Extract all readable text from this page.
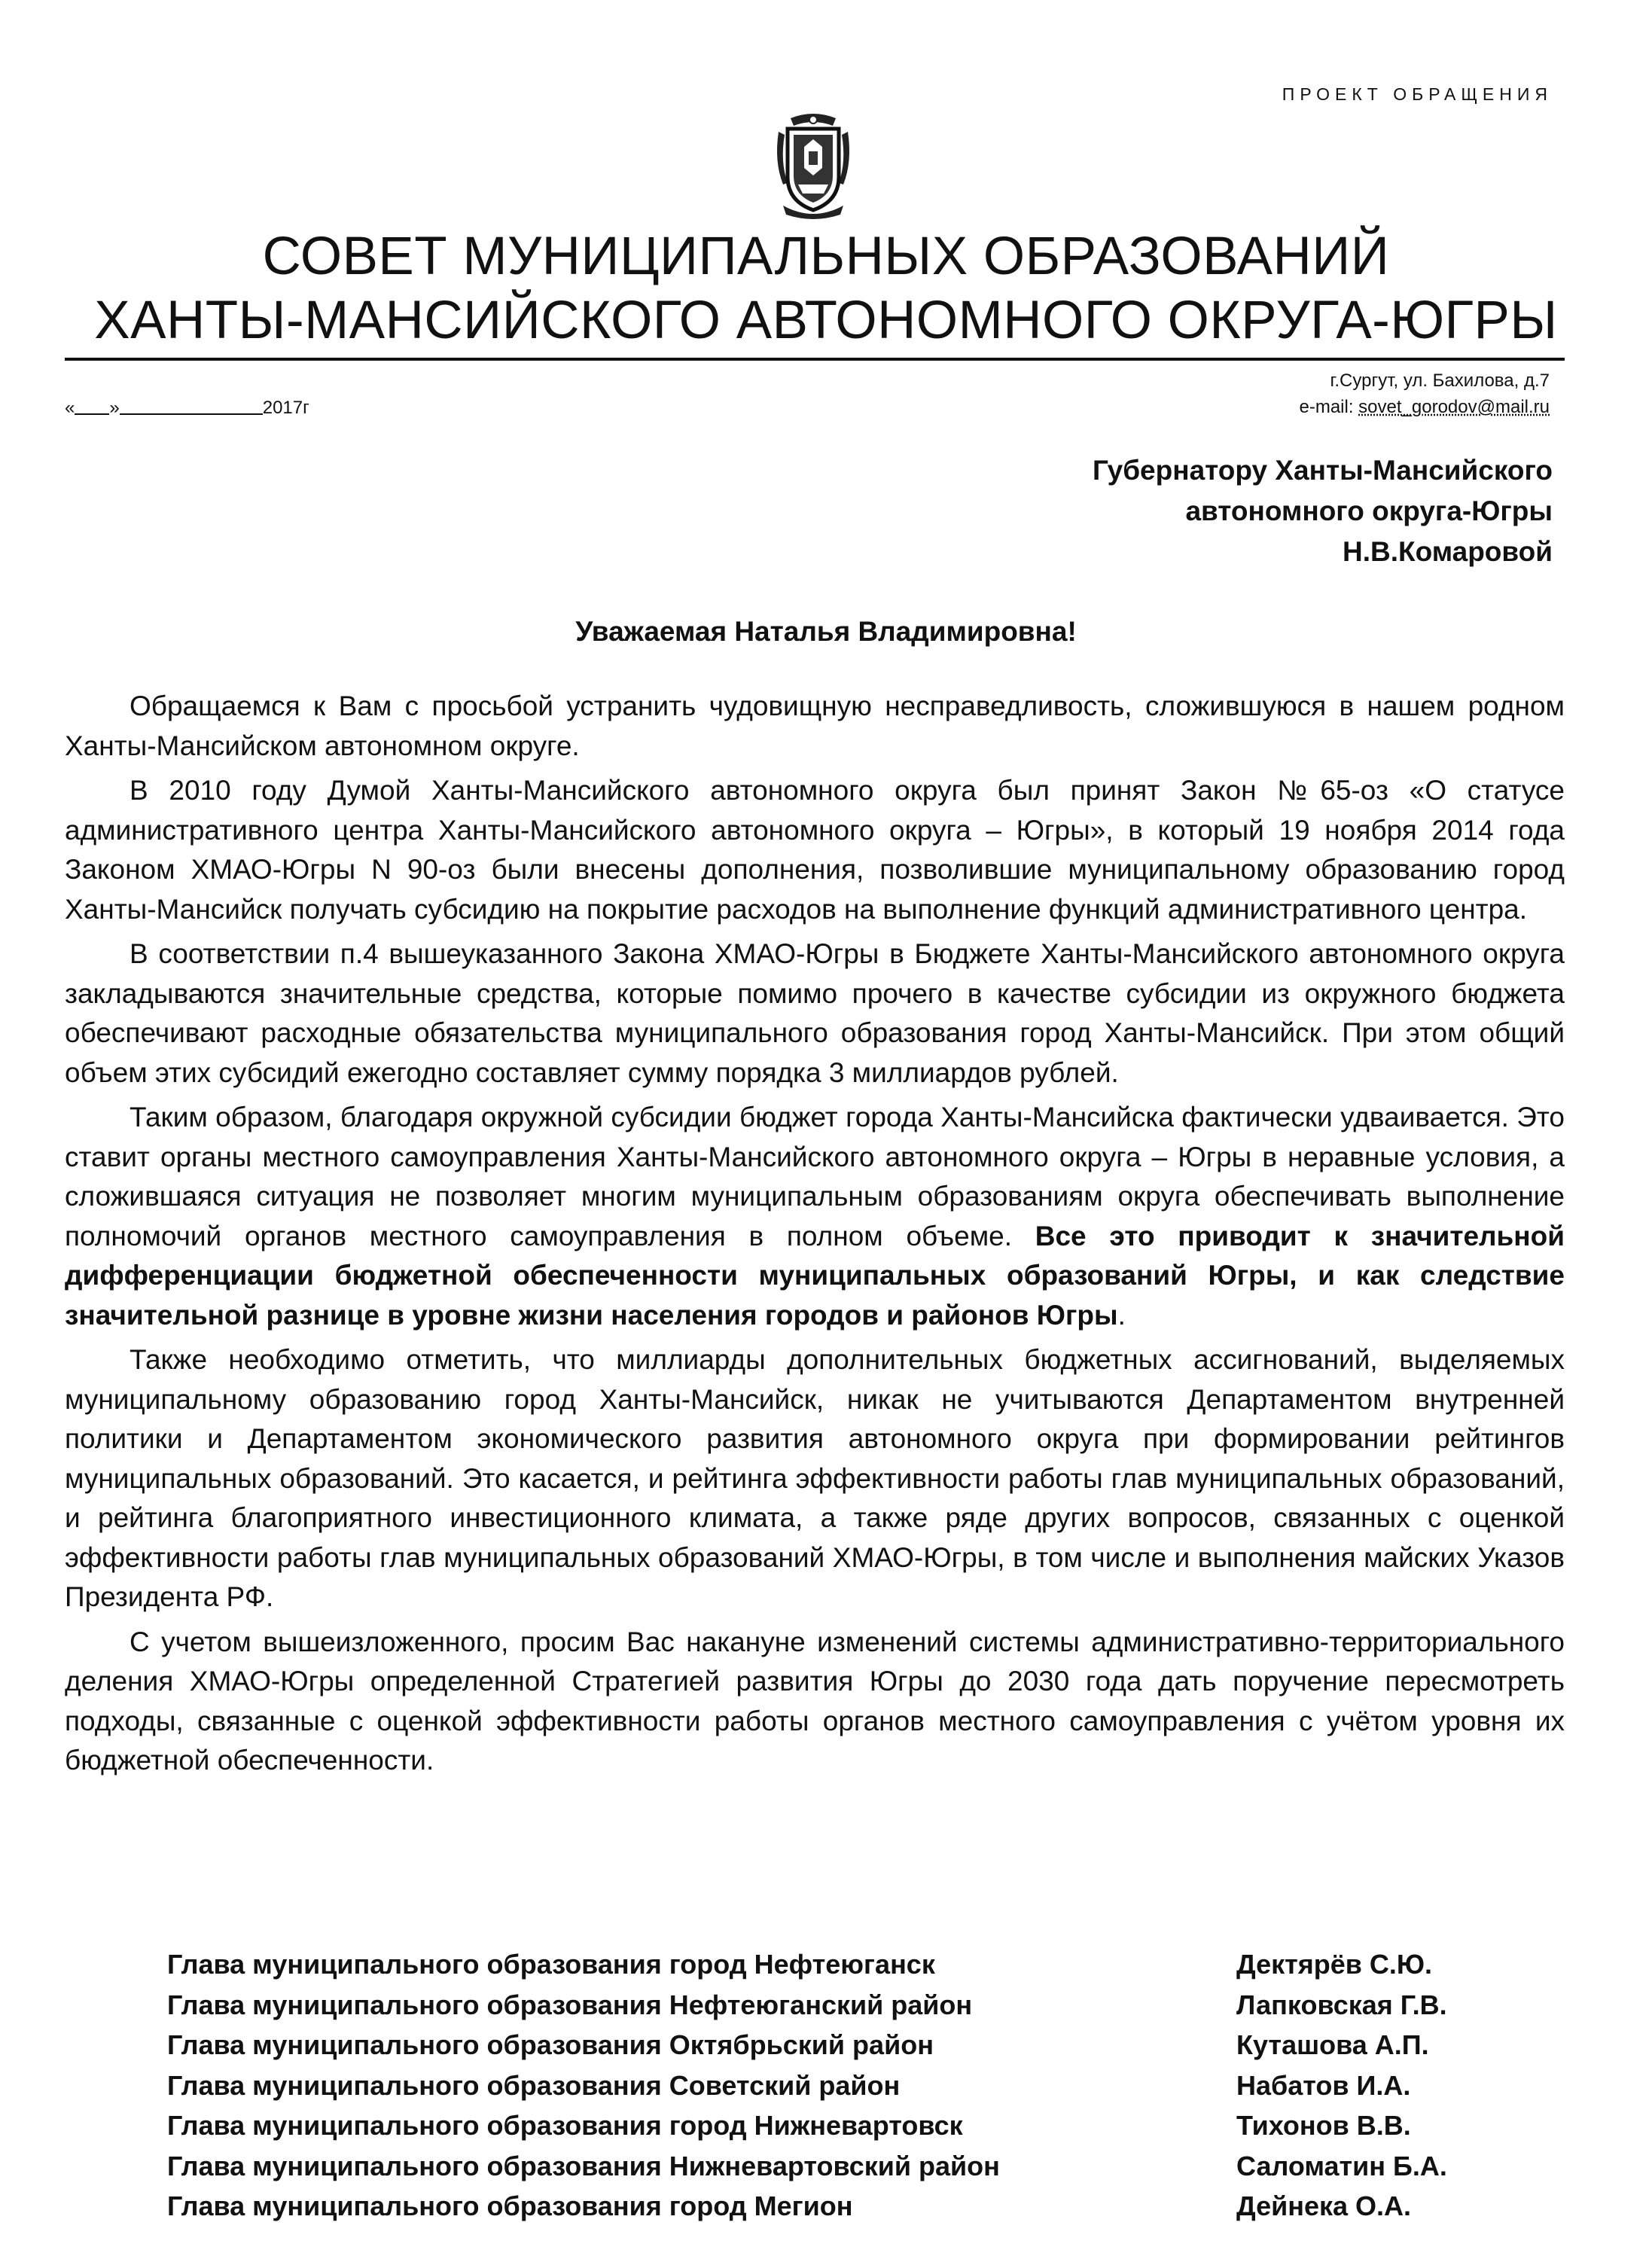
ПРОЕКТ ОБРАЩЕНИЯ
СОВЕТ МУНИЦИПАЛЬНЫХ ОБРАЗОВАНИЙ
ХАНТЫ-МАНСИЙСКОГО АВТОНОМНОГО ОКРУГА-ЮГРЫ
г.Сургут, ул. Бахилова, д.7
e-mail: sovet_gorodov@mail.ru
« »	2017г
Губернатору Ханты-Мансийского
автономного округа-Югры
Н.В.Комаровой
Уважаемая Наталья Владимировна!

Обращаемся к Вам с просьбой устранить чудовищную несправедливость, сложившуюся в нашем родном Ханты-Мансийском автономном округе.

В 2010 году Думой Ханты-Мансийского автономного округа был принят Закон №65-оз «О статусе административного центра Ханты-Мансийского автономного округа – Югры», в который 19 ноября 2014 года Законом ХМАО-Югры N 90-оз были внесены дополнения, позволившие муниципальному образованию город Ханты-Мансийск получать субсидию на покрытие расходов на выполнение функций административного центра.

В соответствии п.4 вышеуказанного Закона ХМАО-Югры в Бюджете Ханты-Мансийского автономного округа закладываются значительные средства, которые помимо прочего в качестве субсидии из окружного бюджета обеспечивают расходные обязательства муниципального образования город Ханты-Мансийск. При этом общий объем этих субсидий ежегодно составляет сумму порядка 3 миллиардов рублей.

Таким образом, благодаря окружной субсидии бюджет города Ханты-Мансийска фактически удваивается. Это ставит органы местного самоуправления Ханты-Мансийского автономного округа – Югры в неравные условия, а сложившаяся ситуация не позволяет многим муниципальным образованиям округа обеспечивать выполнение полномочий органов местного самоуправления в полном объеме. Все это приводит к значительной дифференциации бюджетной обеспеченности муниципальных образований Югры, и как следствие значительной разнице в уровне жизни населения городов и районов Югры.

Также необходимо отметить, что миллиарды дополнительных бюджетных ассигнований, выделяемых муниципальному образованию город Ханты-Мансийск, никак не учитываются Департаментом внутренней политики и Департаментом экономического развития автономного округа при формировании рейтингов муниципальных образований. Это касается, и рейтинга эффективности работы глав муниципальных образований, и рейтинга благоприятного инвестиционного климата, а также ряде других вопросов, связанных с оценкой эффективности работы глав муниципальных образований ХМАО-Югры, в том числе и выполнения майских Указов Президента РФ.

С учетом вышеизложенного, просим Вас накануне изменений системы административно-территориального деления ХМАО-Югры определенной Стратегией развития Югры до 2030 года дать поручение пересмотреть подходы, связанные с оценкой эффективности работы органов местного самоуправления с учётом уровня их бюджетной обеспеченности.

Глава муниципального образования город Нефтеюганск	Дектярёв С.Ю.
Глава муниципального образования Нефтеюганский район	Лапковская Г.В.
Глава муниципального образования Октябрьский район	Куташова А.П.
Глава муниципального образования Советский район	Набатов И.А.
Глава муниципального образования город Нижневартовск	Тихонов В.В.
Глава муниципального образования Нижневартовский район	Саломатин Б.А.
Глава муниципального образования город Мегион	Дейнека О.А.
